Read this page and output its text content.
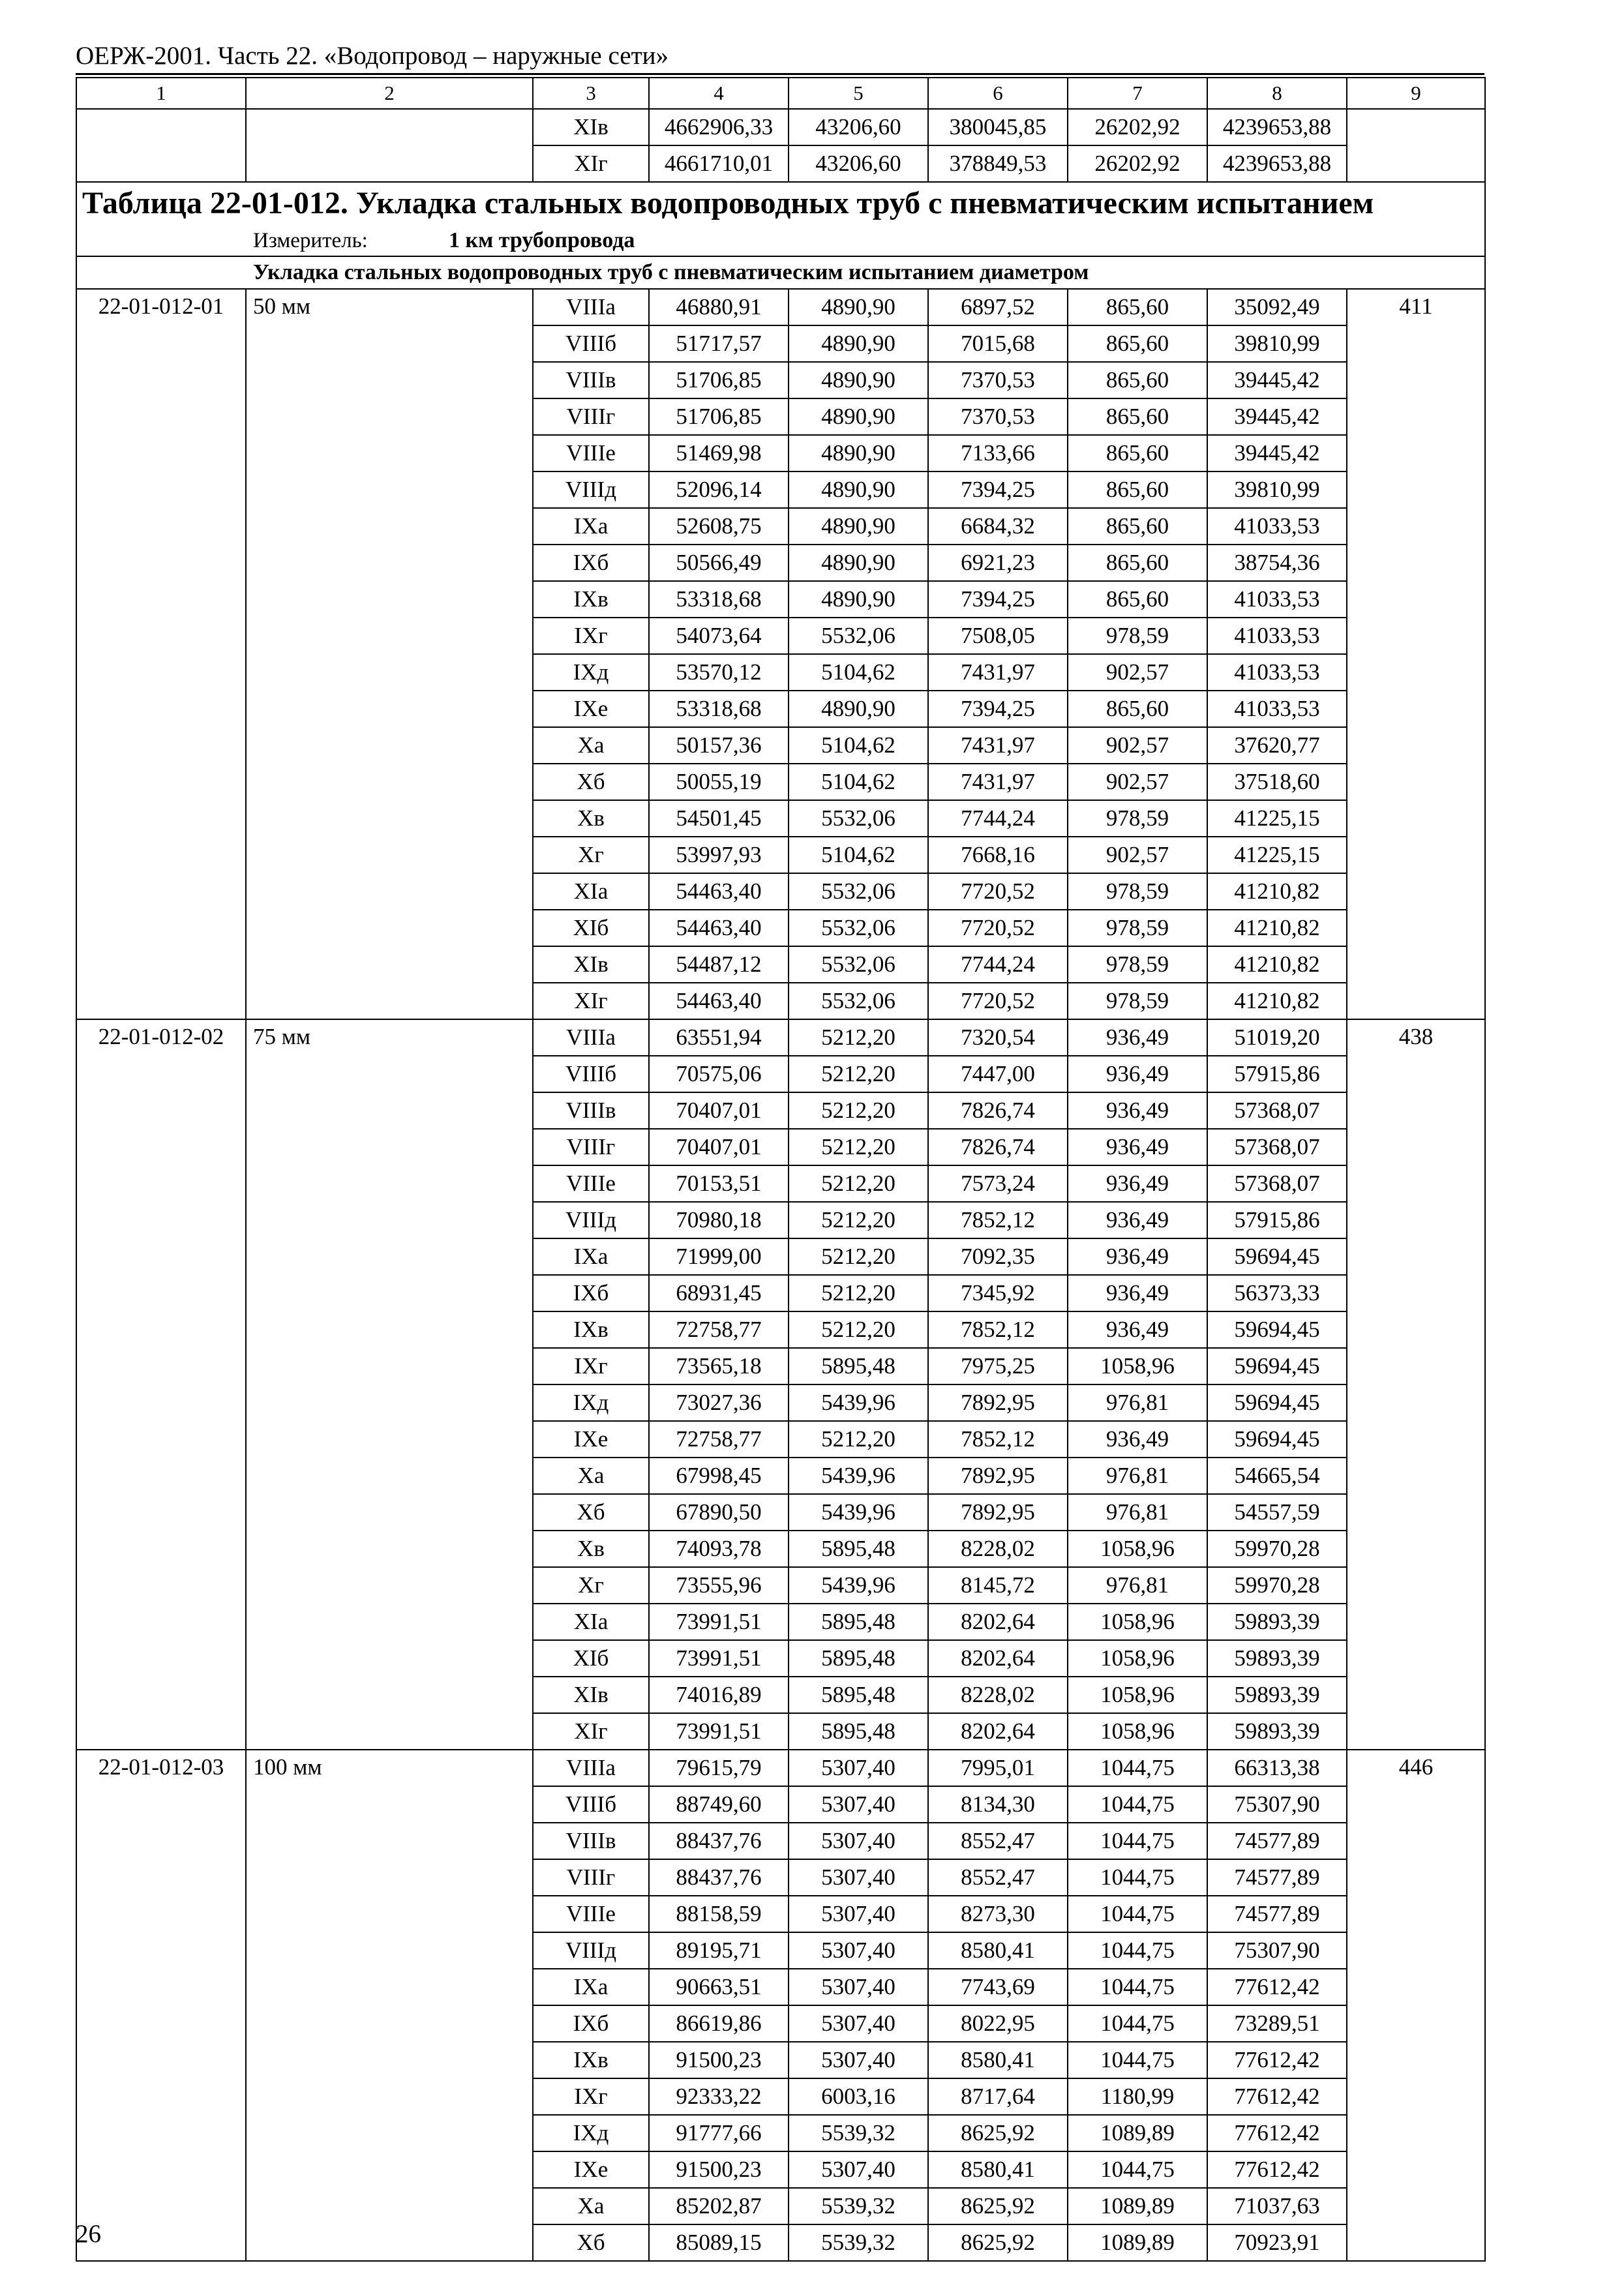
ОЕРЖ-2001. Часть 22. «Водопровод – наружные сети»
1	2	3	4	5	6	7	8	9
		XIв	4662906,33	43206,60	380045,85	26202,92	4239653,88	
		XIг	4661710,01	43206,60	378849,53	26202,92	4239653,88	
Таблица 22-01-012. Укладка стальных водопроводных труб с пневматическим испытанием								
Измеритель: 1 км трубопровода								
Укладка стальных водопроводных труб с пневматическим испытанием диаметром								
22-01-012-01	50 мм	VIIIа	46880,91	4890,90	6897,52	865,60	35092,49	411
		VIIIб	51717,57	4890,90	7015,68	865,60	39810,99	
		VIIIв	51706,85	4890,90	7370,53	865,60	39445,42	
		VIIIг	51706,85	4890,90	7370,53	865,60	39445,42	
		VIIIе	51469,98	4890,90	7133,66	865,60	39445,42	
		VIIIд	52096,14	4890,90	7394,25	865,60	39810,99	
		IXа	52608,75	4890,90	6684,32	865,60	41033,53	
		IXб	50566,49	4890,90	6921,23	865,60	38754,36	
		IXв	53318,68	4890,90	7394,25	865,60	41033,53	
		IXг	54073,64	5532,06	7508,05	978,59	41033,53	
		IXд	53570,12	5104,62	7431,97	902,57	41033,53	
		IXе	53318,68	4890,90	7394,25	865,60	41033,53	
		Xа	50157,36	5104,62	7431,97	902,57	37620,77	
		Xб	50055,19	5104,62	7431,97	902,57	37518,60	
		Xв	54501,45	5532,06	7744,24	978,59	41225,15	
		Xг	53997,93	5104,62	7668,16	902,57	41225,15	
		XIа	54463,40	5532,06	7720,52	978,59	41210,82	
		XIб	54463,40	5532,06	7720,52	978,59	41210,82	
		XIв	54487,12	5532,06	7744,24	978,59	41210,82	
		XIг	54463,40	5532,06	7720,52	978,59	41210,82	
22-01-012-02	75 мм	VIIIа	63551,94	5212,20	7320,54	936,49	51019,20	438
		VIIIб	70575,06	5212,20	7447,00	936,49	57915,86	
		VIIIв	70407,01	5212,20	7826,74	936,49	57368,07	
		VIIIг	70407,01	5212,20	7826,74	936,49	57368,07	
		VIIIе	70153,51	5212,20	7573,24	936,49	57368,07	
		VIIIд	70980,18	5212,20	7852,12	936,49	57915,86	
		IXа	71999,00	5212,20	7092,35	936,49	59694,45	
		IXб	68931,45	5212,20	7345,92	936,49	56373,33	
		IXв	72758,77	5212,20	7852,12	936,49	59694,45	
		IXг	73565,18	5895,48	7975,25	1058,96	59694,45	
		IXд	73027,36	5439,96	7892,95	976,81	59694,45	
		IXе	72758,77	5212,20	7852,12	936,49	59694,45	
		Xа	67998,45	5439,96	7892,95	976,81	54665,54	
		Xб	67890,50	5439,96	7892,95	976,81	54557,59	
		Xв	74093,78	5895,48	8228,02	1058,96	59970,28	
		Xг	73555,96	5439,96	8145,72	976,81	59970,28	
		XIа	73991,51	5895,48	8202,64	1058,96	59893,39	
		XIб	73991,51	5895,48	8202,64	1058,96	59893,39	
		XIв	74016,89	5895,48	8228,02	1058,96	59893,39	
		XIг	73991,51	5895,48	8202,64	1058,96	59893,39	
22-01-012-03	100 мм	VIIIа	79615,79	5307,40	7995,01	1044,75	66313,38	446
		VIIIб	88749,60	5307,40	8134,30	1044,75	75307,90	
		VIIIв	88437,76	5307,40	8552,47	1044,75	74577,89	
		VIIIг	88437,76	5307,40	8552,47	1044,75	74577,89	
		VIIIе	88158,59	5307,40	8273,30	1044,75	74577,89	
		VIIIд	89195,71	5307,40	8580,41	1044,75	75307,90	
		IXа	90663,51	5307,40	7743,69	1044,75	77612,42	
		IXб	86619,86	5307,40	8022,95	1044,75	73289,51	
		IXв	91500,23	5307,40	8580,41	1044,75	77612,42	
		IXг	92333,22	6003,16	8717,64	1180,99	77612,42	
		IXд	91777,66	5539,32	8625,92	1089,89	77612,42	
		IXе	91500,23	5307,40	8580,41	1044,75	77612,42	
		Xа	85202,87	5539,32	8625,92	1089,89	71037,63	
		Xб	85089,15	5539,32	8625,92	1089,89	70923,91	
26
